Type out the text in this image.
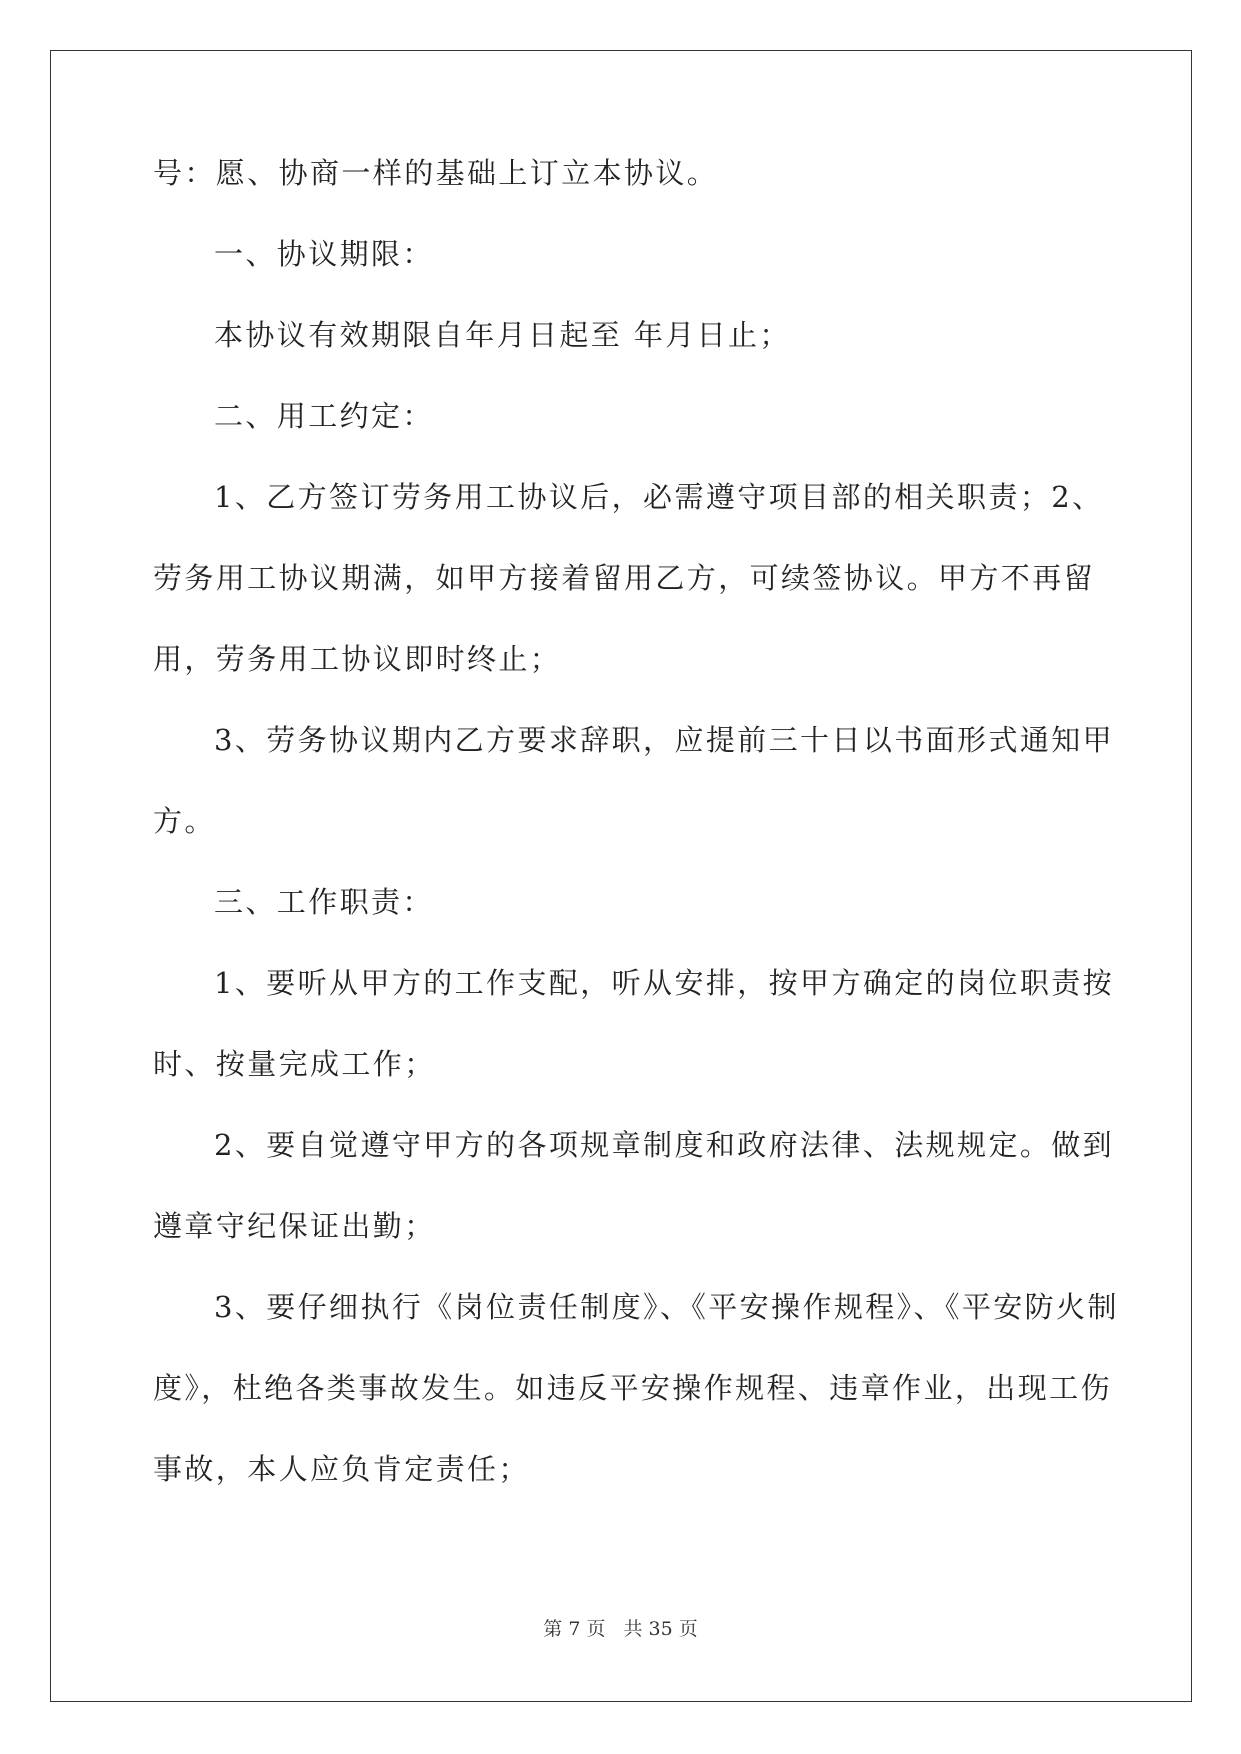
号：愿、协商一样的基础上订立本协议。

一、协议期限：

本协议有效期限自年月日起至 年月日止；

二、用工约定：

1、乙方签订劳务用工协议后，必需遵守项目部的相关职责；2、
劳务用工协议期满，如甲方接着留用乙方，可续签协议。甲方不再留
用，劳务用工协议即时终止；

3、劳务协议期内乙方要求辞职，应提前三十日以书面形式通知甲
方。

三、工作职责：

1、要听从甲方的工作支配，听从安排，按甲方确定的岗位职责按
时、按量完成工作；

2、要自觉遵守甲方的各项规章制度和政府法律、法规规定。做到
遵章守纪保证出勤；

3、要仔细执行《岗位责任制度》、《平安操作规程》、《平安防火制
度》，杜绝各类事故发生。如违反平安操作规程、违章作业，出现工伤
事故，本人应负肯定责任；

第 7 页 共 35 页
